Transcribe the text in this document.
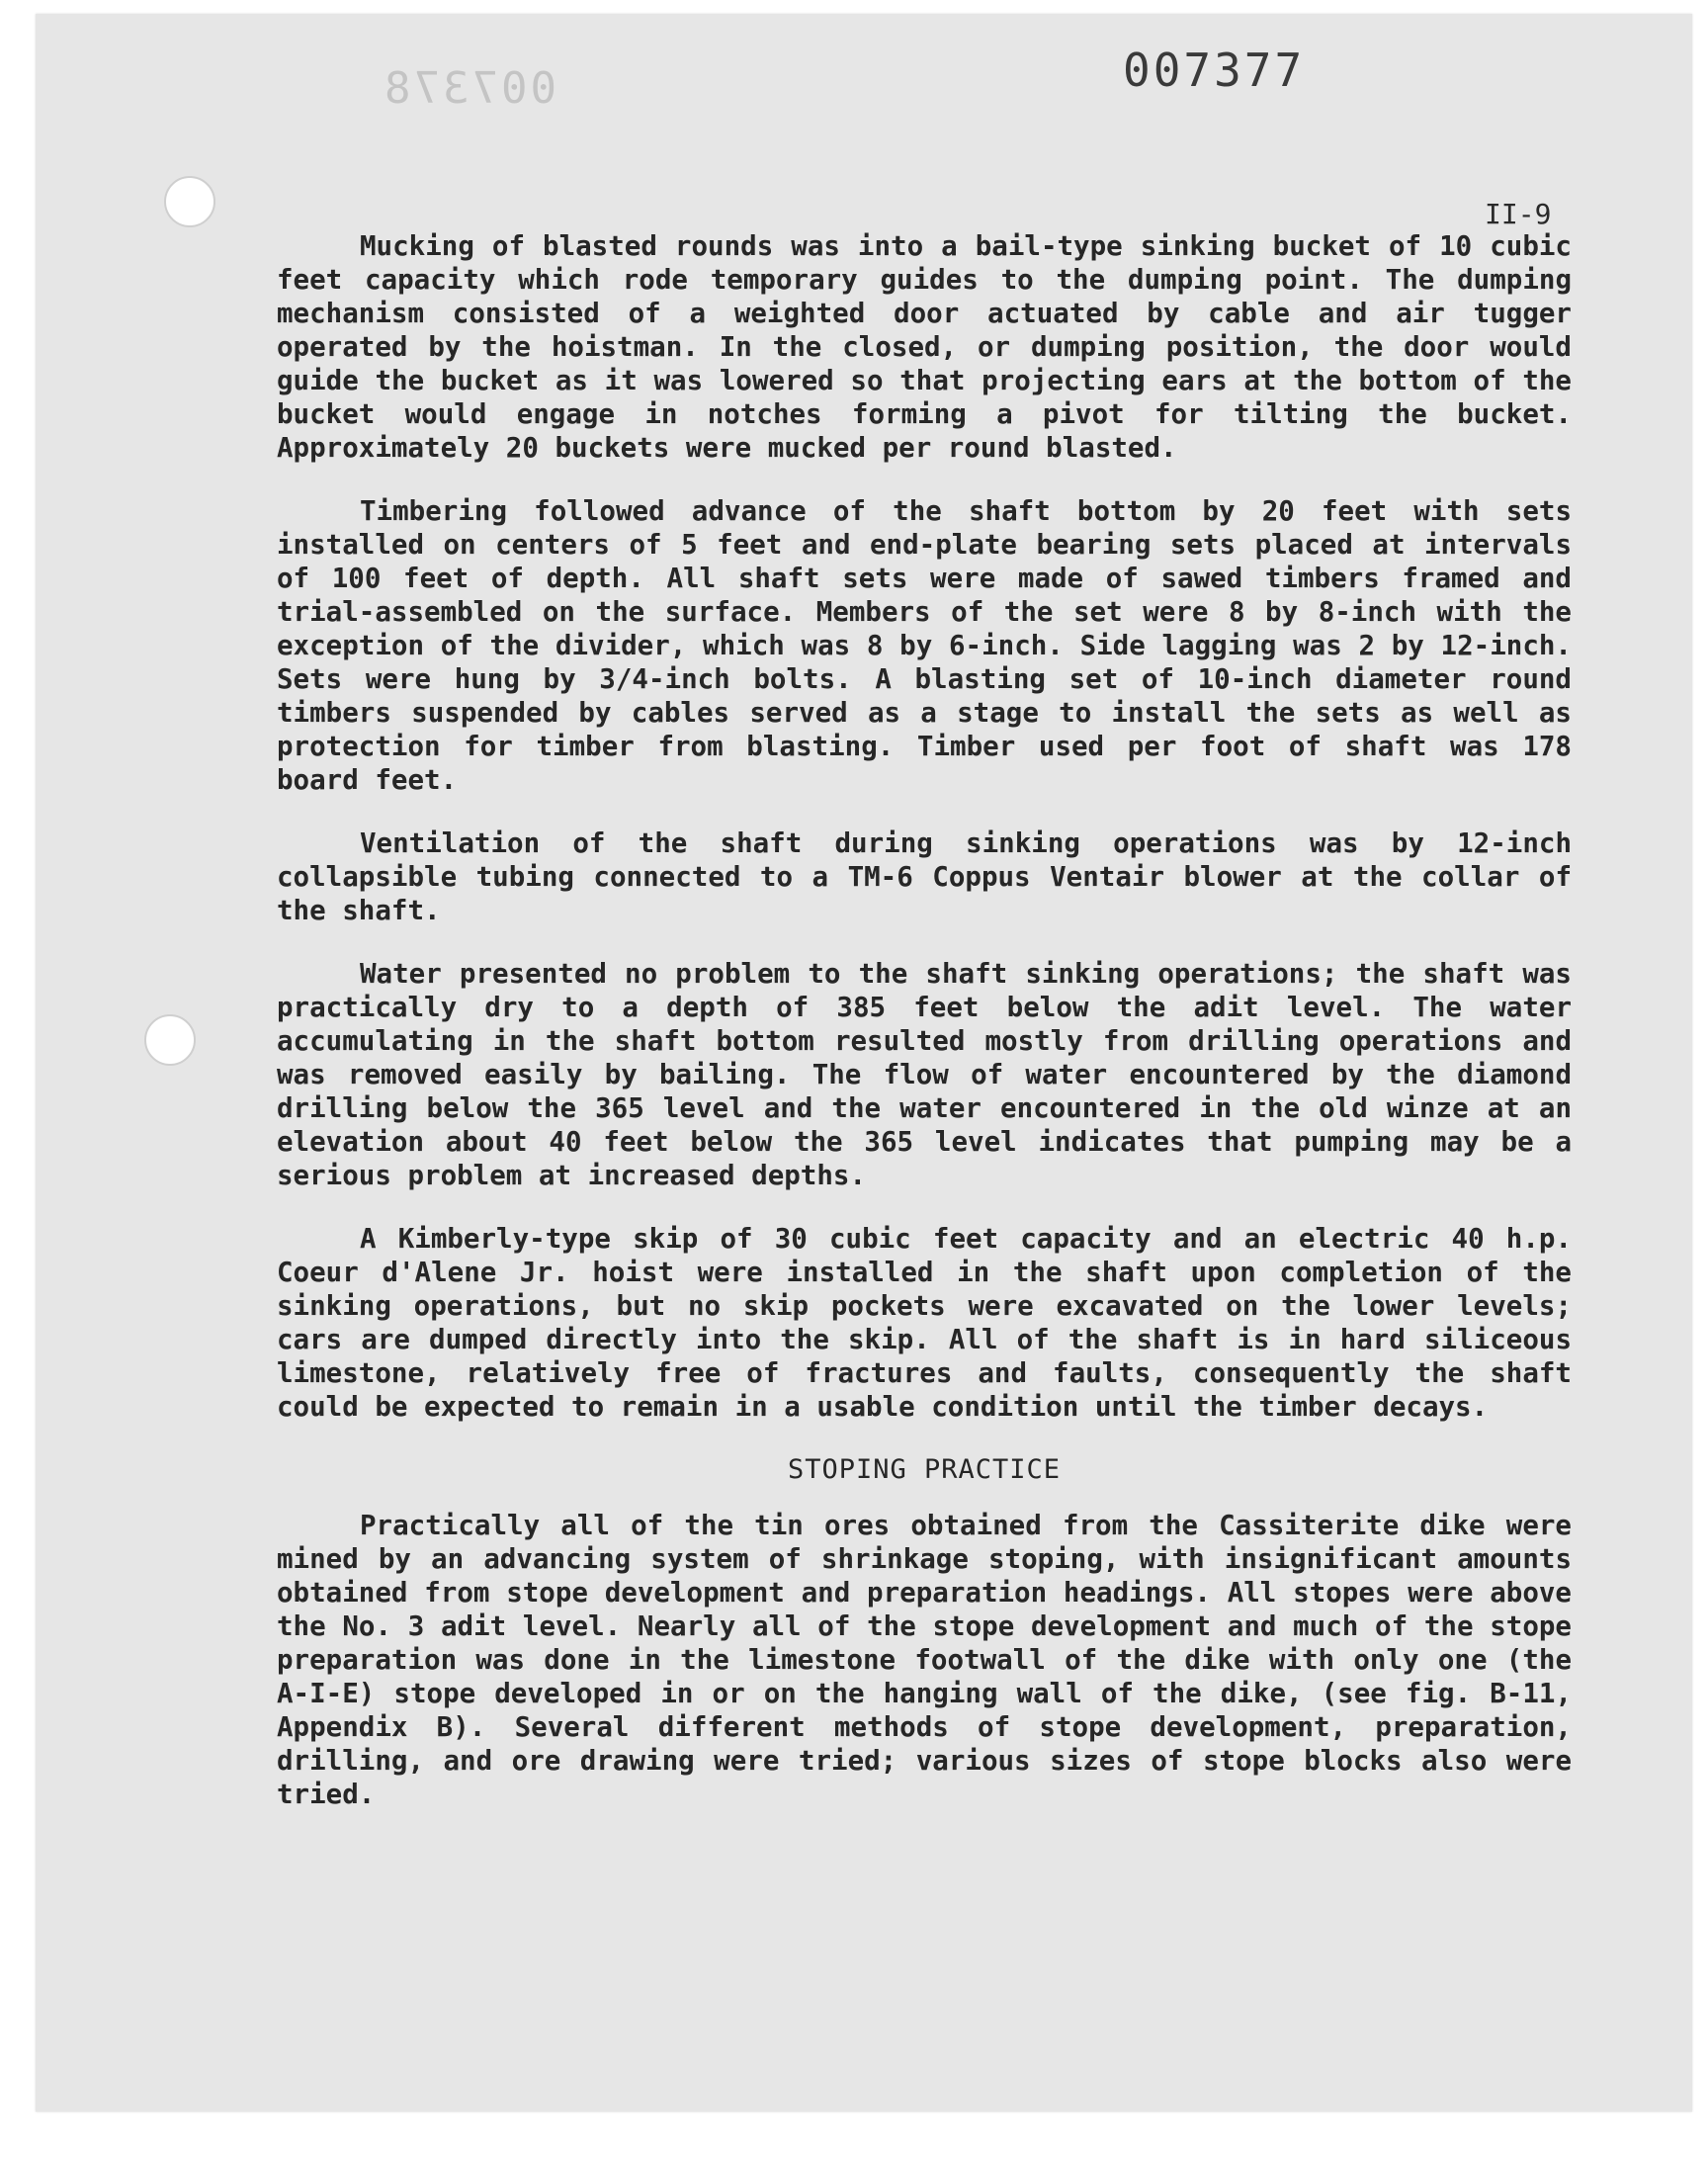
007378	007377
II-9

Mucking of blasted rounds was into a bail-type sinking bucket of 10 cubic feet capacity which rode temporary guides to the dumping point. The dumping mechanism consisted of a weighted door actuated by cable and air tugger operated by the hoistman. In the closed, or dumping position, the door would guide the bucket as it was lowered so that projecting ears at the bottom of the bucket would engage in notches forming a pivot for tilting the bucket. Approximately 20 buckets were mucked per round blasted.

Timbering followed advance of the shaft bottom by 20 feet with sets installed on centers of 5 feet and end-plate bearing sets placed at intervals of 100 feet of depth. All shaft sets were made of sawed timbers framed and trial-assembled on the surface. Members of the set were 8 by 8-inch with the exception of the divider, which was 8 by 6-inch. Side lagging was 2 by 12-inch. Sets were hung by 3/4-inch bolts. A blasting set of 10-inch diameter round timbers suspended by cables served as a stage to install the sets as well as protection for timber from blasting. Timber used per foot of shaft was 178 board feet.

Ventilation of the shaft during sinking operations was by 12-inch collapsible tubing connected to a TM-6 Coppus Ventair blower at the collar of the shaft.

Water presented no problem to the shaft sinking operations; the shaft was practically dry to a depth of 385 feet below the adit level. The water accumulating in the shaft bottom resulted mostly from drilling operations and was removed easily by bailing. The flow of water encountered by the diamond drilling below the 365 level and the water encountered in the old winze at an elevation about 40 feet below the 365 level indicates that pumping may be a serious problem at increased depths.

A Kimberly-type skip of 30 cubic feet capacity and an electric 40 h.p. Coeur d'Alene Jr. hoist were installed in the shaft upon completion of the sinking operations, but no skip pockets were excavated on the lower levels; cars are dumped directly into the skip. All of the shaft is in hard siliceous limestone, relatively free of fractures and faults, consequently the shaft could be expected to remain in a usable condition until the timber decays.

STOPING PRACTICE

Practically all of the tin ores obtained from the Cassiterite dike were mined by an advancing system of shrinkage stoping, with insignificant amounts obtained from stope development and preparation headings. All stopes were above the No. 3 adit level. Nearly all of the stope development and much of the stope preparation was done in the limestone footwall of the dike with only one (the A-I-E) stope developed in or on the hanging wall of the dike, (see fig. B-11, Appendix B). Several different methods of stope development, preparation, drilling, and ore drawing were tried; various sizes of stope blocks also were tried.
